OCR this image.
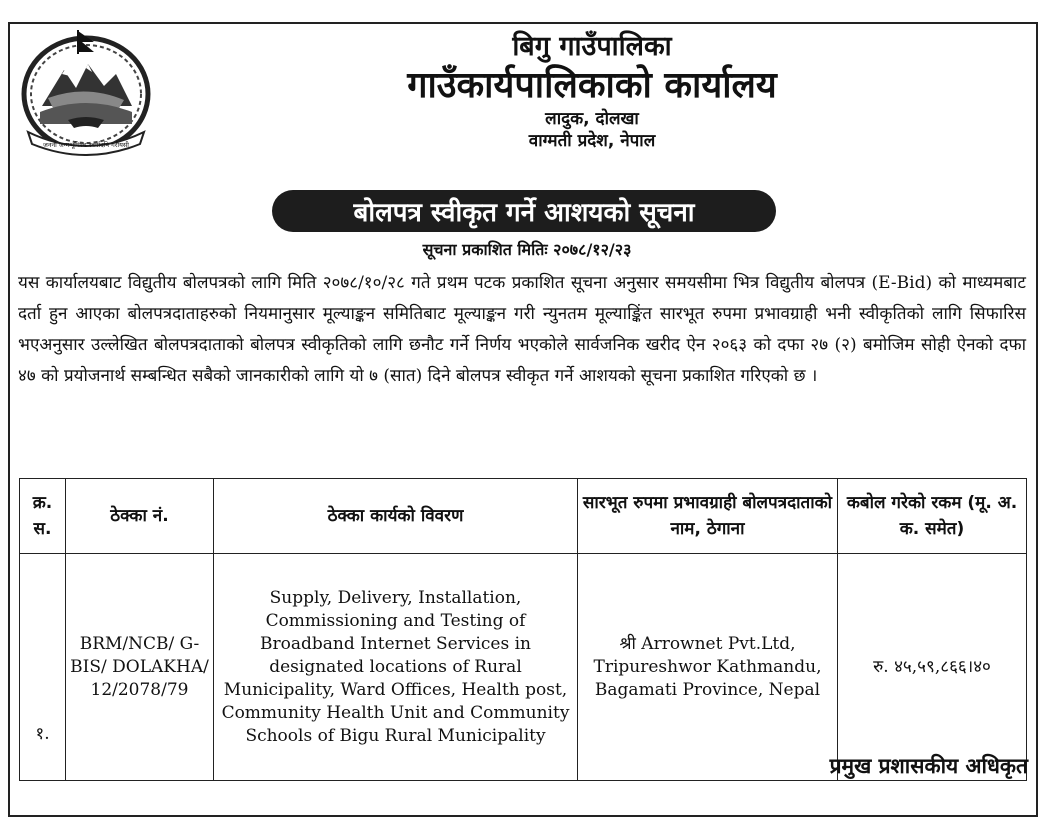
जननी जन्मभूमिश्च स्वर्गादपि गरीयसी
बिगु गाउँपालिका
गाउँकार्यपालिकाको कार्यालय
लादुक, दोलखा
वाग्मती प्रदेश, नेपाल
बोलपत्र स्वीकृत गर्ने आशयको सूचना
सूचना प्रकाशित मितिः २०७८/१२/२३

यस कार्यालयबाट विद्युतीय बोलपत्रको लागि मिति २०७८/१०/२८ गते प्रथम पटक प्रकाशित सूचना अनुसार समयसीमा भित्र विद्युतीय बोलपत्र (E-Bid) को माध्यमबाट दर्ता हुन आएका बोलपत्रदाताहरुको नियमानुसार मूल्याङ्कन समितिबाट मूल्याङ्कन गरी न्युनतम मूल्याङ्किंत सारभूत रुपमा प्रभावग्राही भनी स्वीकृतिको लागि सिफारिस भएअनुसार उल्लेखित बोलपत्रदाताको बोलपत्र स्वीकृतिको लागि छनौट गर्ने निर्णय भएकोले सार्वजनिक खरीद ऐन २०६३ को दफा २७ (२) बमोजिम सोही ऐनको दफा ४७ को प्रयोजनार्थ सम्बन्धित सबैको जानकारीको लागि यो ७ (सात) दिने बोलपत्र स्वीकृत गर्ने आशयको सूचना प्रकाशित गरिएको छ ।

क्र. स.	ठेक्का नं.	ठेक्का कार्यको विवरण	सारभूत रुपमा प्रभावग्राही बोलपत्रदाताको नाम, ठेगाना	कबोल गरेको रकम (मू. अ. क. समेत)
१.	BRM/NCB/ G-BIS/ DOLAKHA/ 12/2078/79	Supply, Delivery, Installation, Commissioning and Testing of Broadband Internet Services in designated locations of Rural Municipality, Ward Offices, Health post, Community Health Unit and Community Schools of Bigu Rural Municipality	श्री Arrownet Pvt.Ltd, Tripureshwor Kathmandu, Bagamati Province, Nepal	रु. ४५,५९,८६६।४०
प्रमुख प्रशासकीय अधिकृत
